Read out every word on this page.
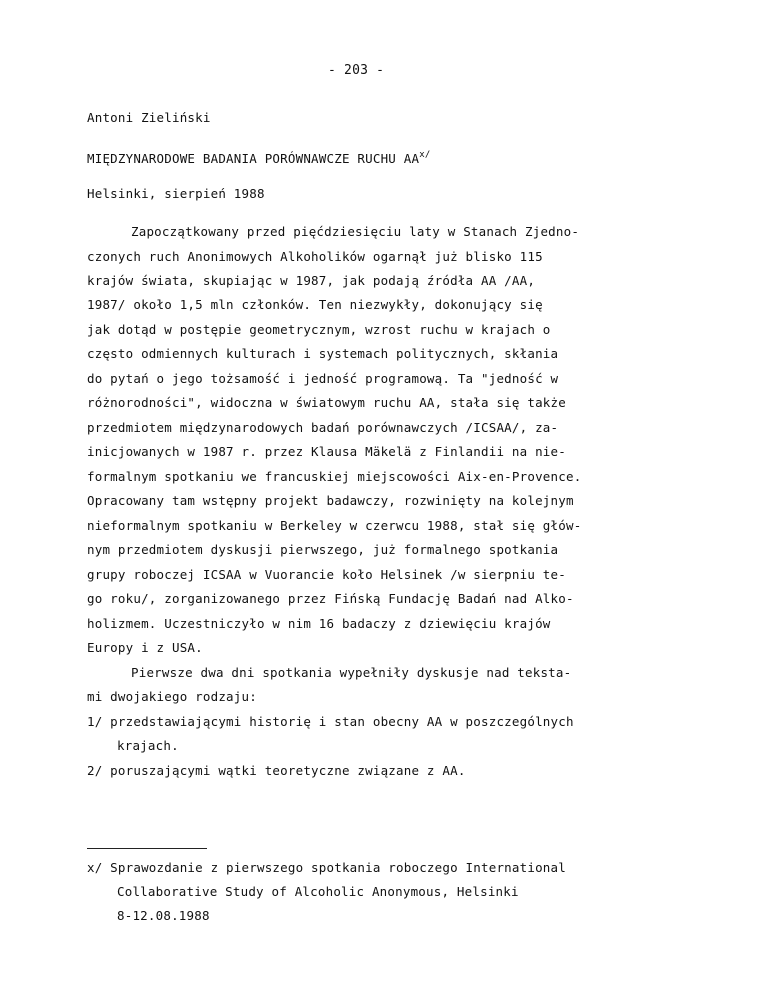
- 203 -
Antoni Zieliński
MIĘDZYNARODOWE BADANIA PORÓWNAWCZE RUCHU $AA^{x/}$
Helsinki, sierpień 1988
Zapoczątkowany przed pięćdziesięciu laty w Stanach Zjedno-
czonych ruch Anonimowych Alkoholików ogarnął już blisko 115
krajów świata, skupiając w 1987, jak podają źródła AA /AA,
1987/ około 1,5 mln członków. Ten niezwykły, dokonujący się
jak dotąd w postępie geometrycznym, wzrost ruchu w krajach o
często odmiennych kulturach i systemach politycznych, skłania
do pytań o jego tożsamość i jedność programową. Ta "jedność w
różnorodności", widoczna w światowym ruchu AA, stała się także
przedmiotem międzynarodowych badań porównawczych /ICSAA/, za-
inicjowanych w 1987 r. przez Klausa Mäkelä z Finlandii na nie-
formalnym spotkaniu we francuskiej miejscowości Aix-en-Provence.
Opracowany tam wstępny projekt badawczy, rozwinięty na kolejnym
nieformalnym spotkaniu w Berkeley w czerwcu 1988, stał się głów-
nym przedmiotem dyskusji pierwszego, już formalnego spotkania
grupy roboczej ICSAA w Vuorancie koło Helsinek /w sierpniu te-
go roku/, zorganizowanego przez Fińską Fundację Badań nad Alko-
holizmem. Uczestniczyło w nim 16 badaczy z dziewięciu krajów
Europy i z USA.
Pierwsze dwa dni spotkania wypełniły dyskusje nad teksta-
mi dwojakiego rodzaju:
1/ przedstawiającymi historię i stan obecny AA w poszczególnych
krajach.
2/ poruszającymi wątki teoretyczne związane z AA.
x/ Sprawozdanie z pierwszego spotkania roboczego International
Collaborative Study of Alcoholic Anonymous, Helsinki
8-12.08.1988
